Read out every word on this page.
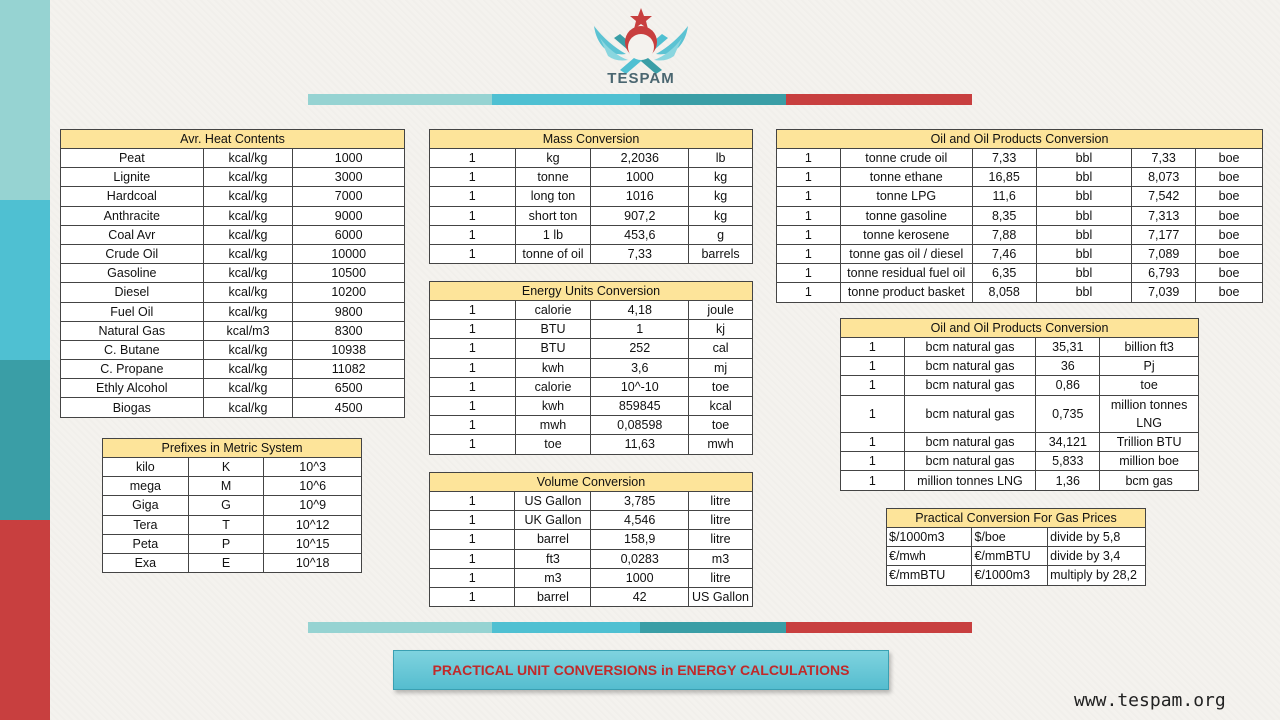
TESPAM
Avr. Heat Contents		
Peat	kcal/kg	1000
Lignite	kcal/kg	3000
Hardcoal	kcal/kg	7000
Anthracite	kcal/kg	9000
Coal Avr	kcal/kg	6000
Crude Oil	kcal/kg	10000
Gasoline	kcal/kg	10500
Diesel	kcal/kg	10200
Fuel Oil	kcal/kg	9800
Natural Gas	kcal/m3	8300
C. Butane	kcal/kg	10938
C. Propane	kcal/kg	11082
Ethly Alcohol	kcal/kg	6500
Biogas	kcal/kg	4500
Prefixes in Metric System		
kilo	K	10^3
mega	M	10^6
Giga	G	10^9
Tera	T	10^12
Peta	P	10^15
Exa	E	10^18
Mass Conversion			
1	kg	2,2036	lb
1	tonne	1000	kg
1	long ton	1016	kg
1	short ton	907,2	kg
1	1 lb	453,6	g
1	tonne of oil	7,33	barrels
Energy Units Conversion			
1	calorie	4,18	joule
1	BTU	1	kj
1	BTU	252	cal
1	kwh	3,6	mj
1	calorie	10^-10	toe
1	kwh	859845	kcal
1	mwh	0,08598	toe
1	toe	11,63	mwh
Volume Conversion			
1	US Gallon	3,785	litre
1	UK Gallon	4,546	litre
1	barrel	158,9	litre
1	ft3	0,0283	m3
1	m3	1000	litre
1	barrel	42	US Gallon
Oil and Oil Products Conversion					
1	tonne crude oil	7,33	bbl	7,33	boe
1	tonne ethane	16,85	bbl	8,073	boe
1	tonne LPG	11,6	bbl	7,542	boe
1	tonne gasoline	8,35	bbl	7,313	boe
1	tonne kerosene	7,88	bbl	7,177	boe
1	tonne gas oil / diesel	7,46	bbl	7,089	boe
1	tonne residual fuel oil	6,35	bbl	6,793	boe
1	tonne product basket	8,058	bbl	7,039	boe
Oil and Oil Products Conversion			
1	bcm natural gas	35,31	billion ft3
1	bcm natural gas	36	Pj
1	bcm natural gas	0,86	toe
1	bcm natural gas	0,735	million tonnes LNG
1	bcm natural gas	34,121	Trillion BTU
1	bcm natural gas	5,833	million boe
1	million tonnes LNG	1,36	bcm gas
Practical Conversion For Gas Prices		
$/1000m3	$/boe	divide by 5,8
€/mwh	€/mmBTU	divide by 3,4
€/mmBTU	€/1000m3	multiply by 28,2
PRACTICAL UNIT CONVERSIONS in ENERGY CALCULATIONS
www.tespam.org
